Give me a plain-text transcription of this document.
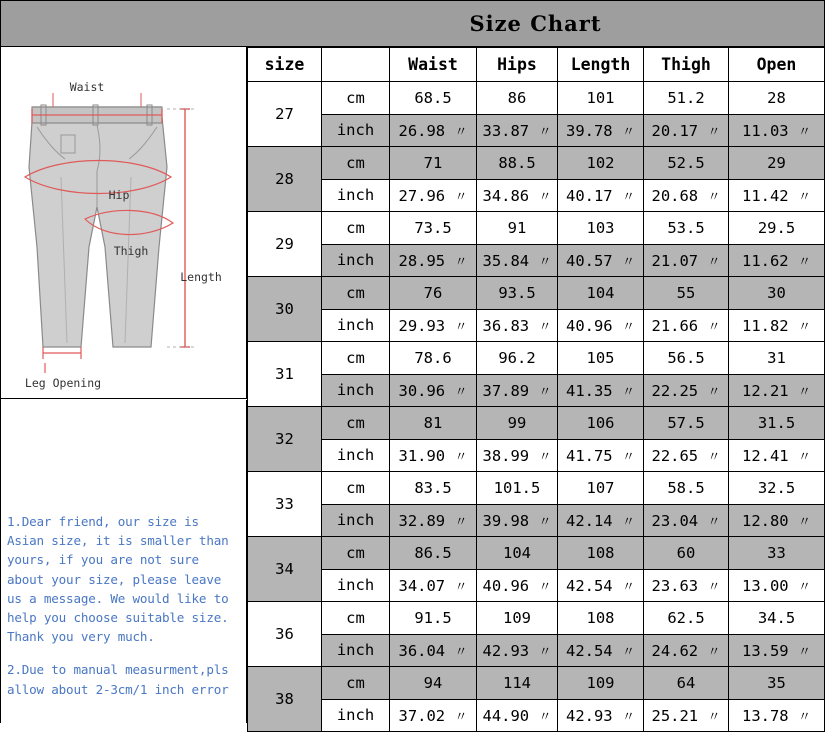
Size Chart
Waist
Hip
Thigh
Length
Leg Opening

1.Dear friend, our size is Asian size, it is smaller than yours, if you are not sure about your size, please leave us a message. We would like to help you choose suitable size. Thank you very much.

2.Due to manual measurment,pls allow about 2-3cm/1 inch error

size		Waist	Hips	Length	Thigh	Open
27	cm	68.5	86	101	51.2	28
	inch	26.98 〃	33.87 〃	39.78 〃	20.17 〃	11.03 〃
28	cm	71	88.5	102	52.5	29
	inch	27.96 〃	34.86 〃	40.17 〃	20.68 〃	11.42 〃
29	cm	73.5	91	103	53.5	29.5
	inch	28.95 〃	35.84 〃	40.57 〃	21.07 〃	11.62 〃
30	cm	76	93.5	104	55	30
	inch	29.93 〃	36.83 〃	40.96 〃	21.66 〃	11.82 〃
31	cm	78.6	96.2	105	56.5	31
	inch	30.96 〃	37.89 〃	41.35 〃	22.25 〃	12.21 〃
32	cm	81	99	106	57.5	31.5
	inch	31.90 〃	38.99 〃	41.75 〃	22.65 〃	12.41 〃
33	cm	83.5	101.5	107	58.5	32.5
	inch	32.89 〃	39.98 〃	42.14 〃	23.04 〃	12.80 〃
34	cm	86.5	104	108	60	33
	inch	34.07 〃	40.96 〃	42.54 〃	23.63 〃	13.00 〃
36	cm	91.5	109	108	62.5	34.5
	inch	36.04 〃	42.93 〃	42.54 〃	24.62 〃	13.59 〃
38	cm	94	114	109	64	35
	inch	37.02 〃	44.90 〃	42.93 〃	25.21 〃	13.78 〃
